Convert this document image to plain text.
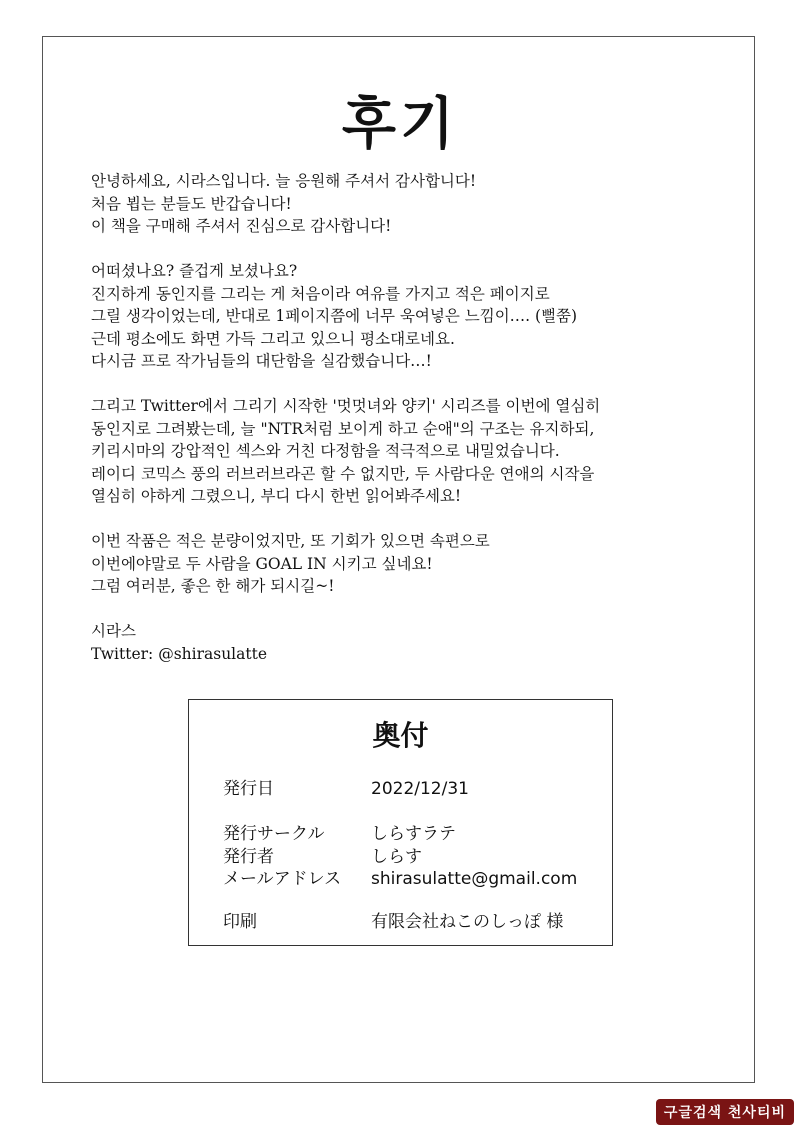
후기
안녕하세요, 시라스입니다. 늘 응원해 주셔서 감사합니다!
처음 뵙는 분들도 반갑습니다!
이 책을 구매해 주셔서 진심으로 감사합니다!
어떠셨나요? 즐겁게 보셨나요?
진지하게 동인지를 그리는 게 처음이라 여유를 가지고 적은 페이지로
그릴 생각이었는데, 반대로 1페이지쯤에 너무 욱여넣은 느낌이…. (뻘쭘)
근데 평소에도 화면 가득 그리고 있으니 평소대로네요.
다시금 프로 작가님들의 대단함을 실감했습니다…!
그리고 Twitter에서 그리기 시작한 '멋멋녀와 양키' 시리즈를 이번에 열심히
동인지로 그려봤는데, 늘 "NTR처럼 보이게 하고 순애"의 구조는 유지하되,
키리시마의 강압적인 섹스와 거친 다정함을 적극적으로 내밀었습니다.
레이디 코믹스 풍의 러브러브라곤 할 수 없지만, 두 사람다운 연애의 시작을
열심히 야하게 그렸으니, 부디 다시 한번 읽어봐주세요!
이번 작품은 적은 분량이었지만, 또 기회가 있으면 속편으로
이번에야말로 두 사람을 GOAL IN 시키고 싶네요!
그럼 여러분, 좋은 한 해가 되시길~!
시라스
Twitter: @shirasulatte
奥付
発行日	2022/12/31
発行サークル	しらすラテ
発行者	しらす
メールアドレス shirasulatte@gmail.com
印刷	有限会社ねこのしっぽ 様
구글검색 천사티비
